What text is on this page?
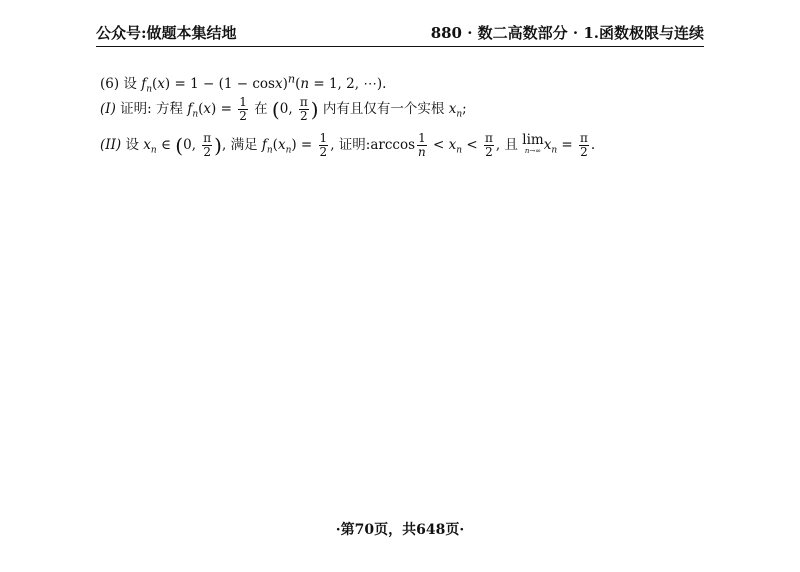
公众号:做题本集结地	880 · 数二高数部分 · 1.函数极限与连续
(6) 设 $f_n(x) = 1 - (1 - \cos x)^n(n = 1$, 2, ⋯).
(I) 证明: 方程 $f_n(x) = \frac{1}{2}$ 在 (0, $\frac{\pi}{2}$ ) 内有且仅有一个实根 $x_n$;
(II) 设 $x_n$ ∈ (0, $\frac{\pi}{2}$ ), 满足 $f_n(x_n) = \frac{1}{2}$ , 证明:arccos $\frac{1}{n} < x_n < \frac{\pi}{2}$ , 且 lim
n→∞ $x_n = \frac{\pi}{2}$ .
·第70页，共648页·
